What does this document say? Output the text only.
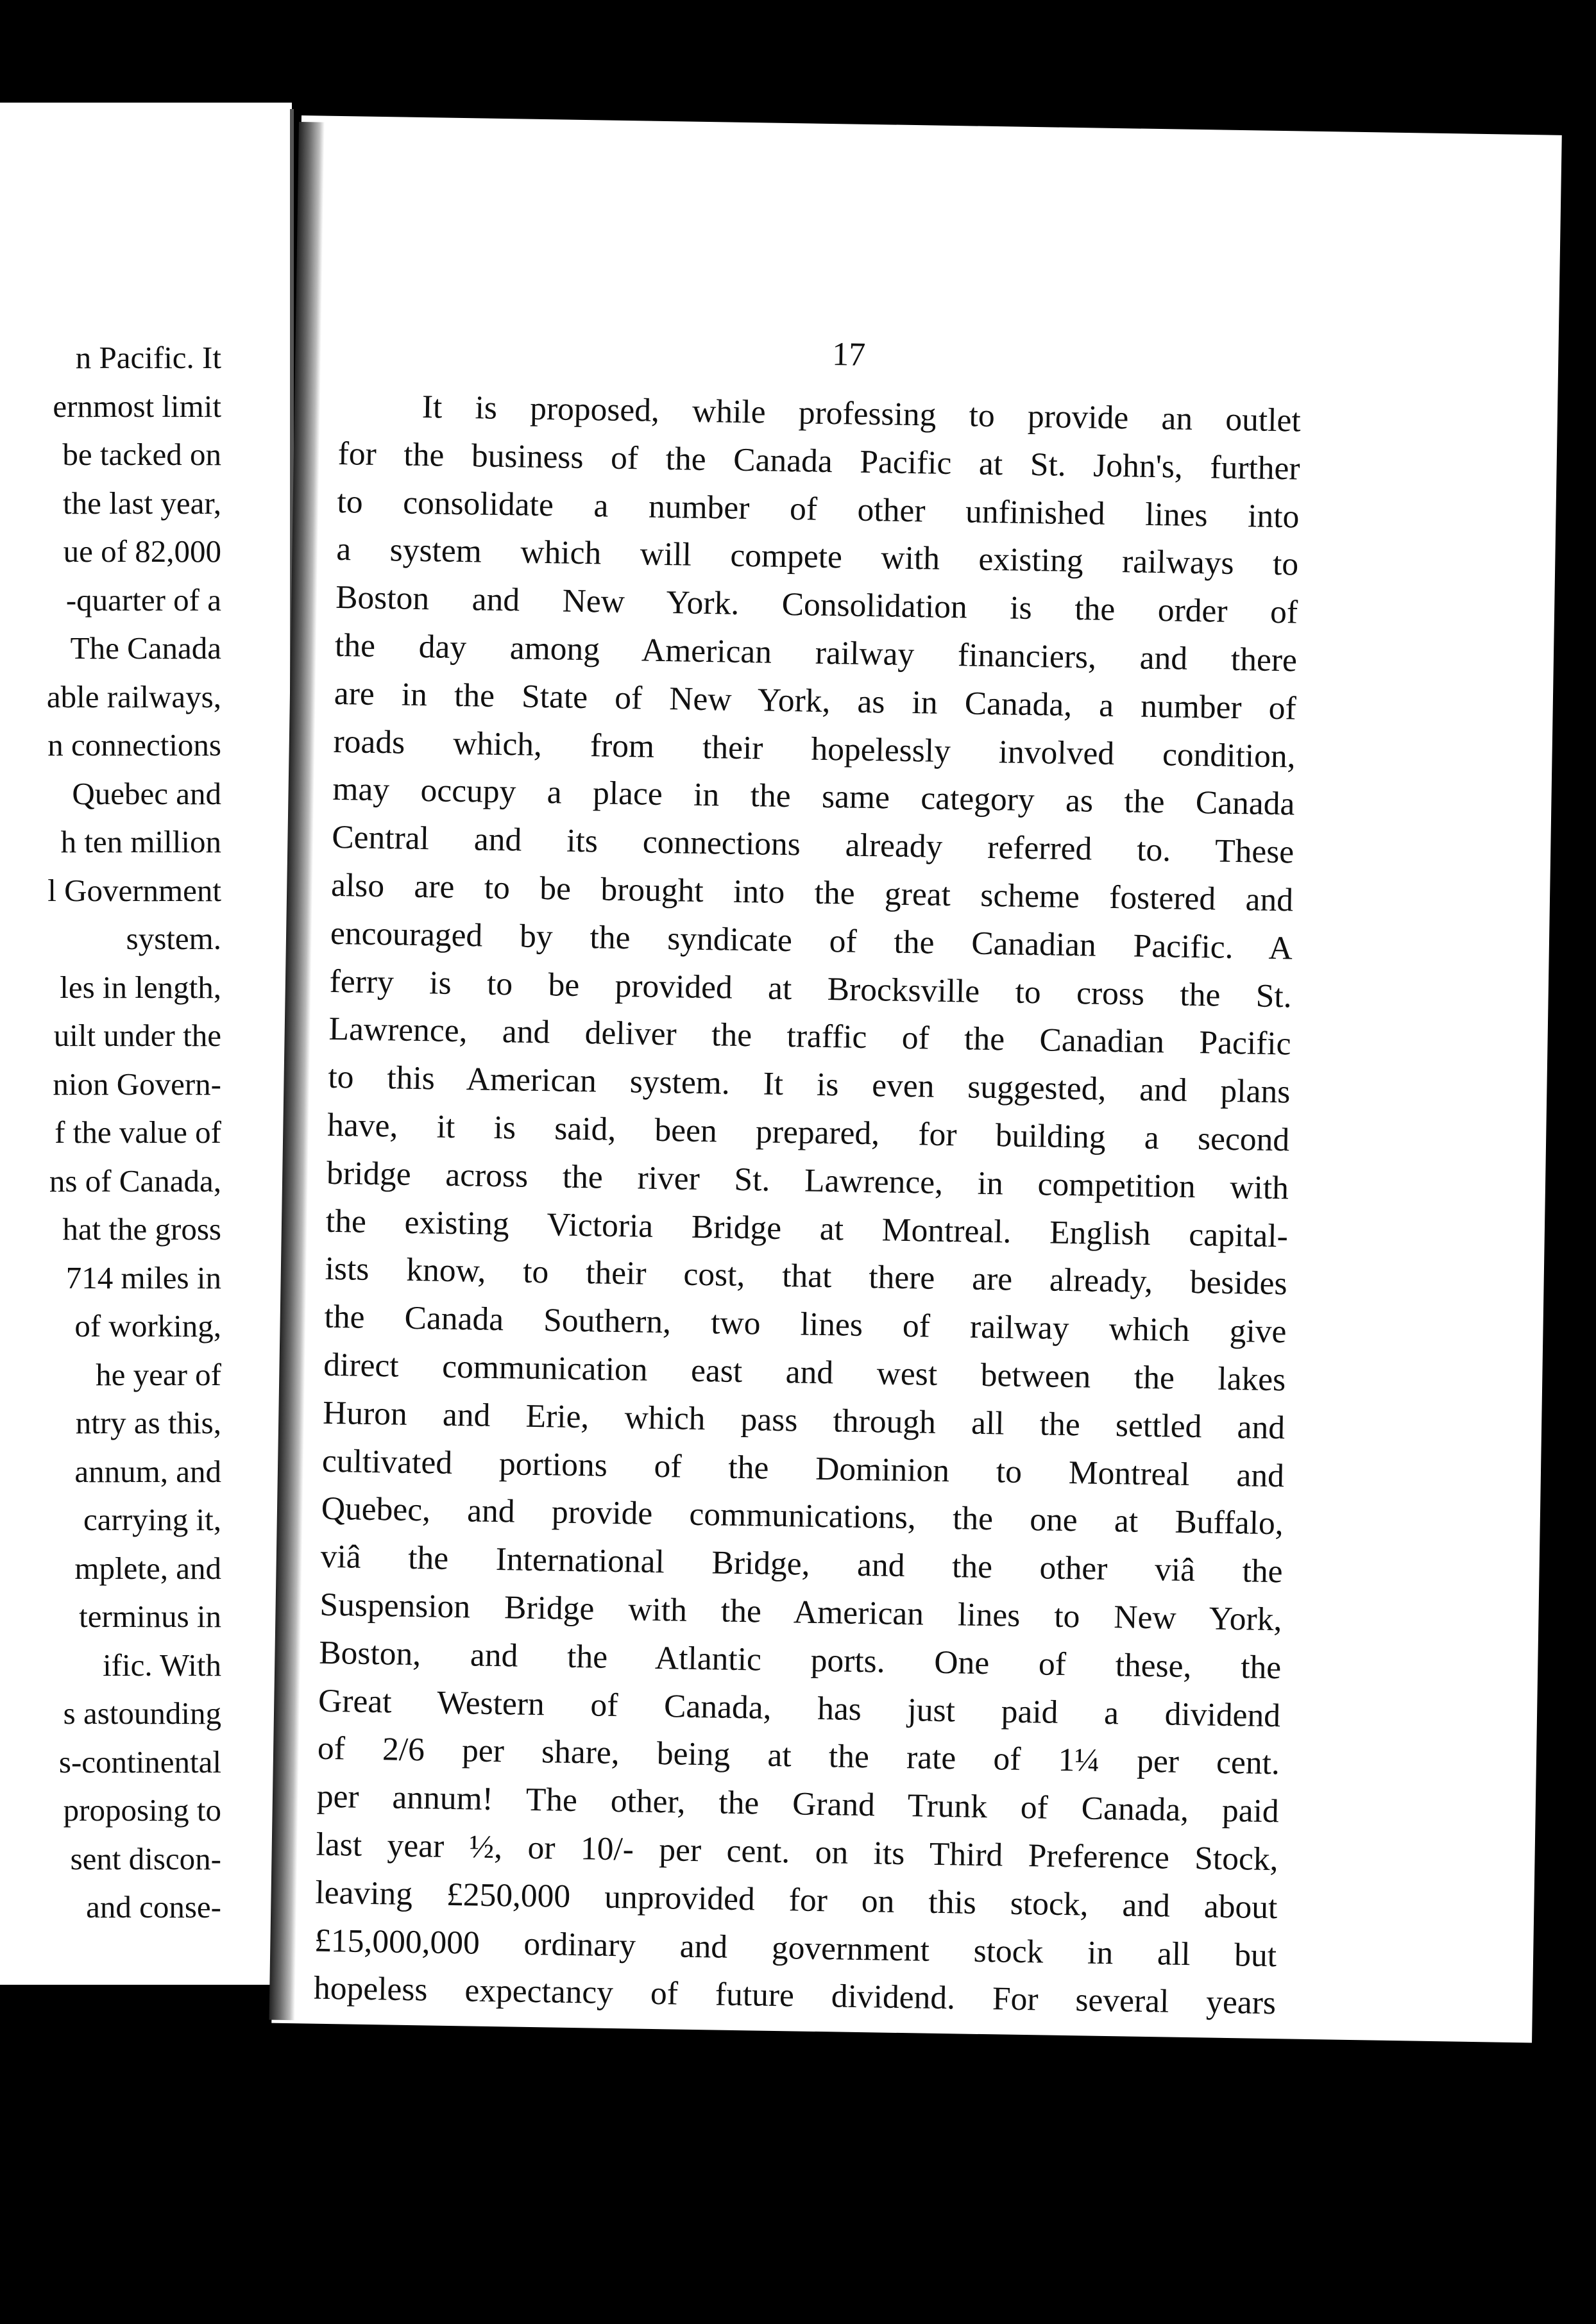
n Pacific. It
ernmost limit
be tacked on
the last year,
ue of 82,000
-quarter of a
The Canada
able railways,
n connections
Quebec and
h ten million
l Government
system.
les in length,
uilt under the
nion Govern-
f the value of
ns of Canada,
hat the gross
714 miles in
of working,
he year of
ntry as this,
annum, and
carrying it,
mplete, and
terminus in
ific. With
s astounding
s-continental
proposing to
sent discon-
and conse-
17
It is proposed, while professing to provide an outlet
for the business of the Canada Pacific at St. John's, further
to consolidate a number of other unfinished lines into
a system which will compete with existing railways to
Boston and New York. Consolidation is the order of
the day among American railway financiers, and there
are in the State of New York, as in Canada, a number of
roads which, from their hopelessly involved condition,
may occupy a place in the same category as the Canada
Central and its connections already referred to. These
also are to be brought into the great scheme fostered and
encouraged by the syndicate of the Canadian Pacific. A
ferry is to be provided at Brocksville to cross the St.
Lawrence, and deliver the traffic of the Canadian Pacific
to this American system. It is even suggested, and plans
have, it is said, been prepared, for building a second
bridge across the river St. Lawrence, in competition with
the existing Victoria Bridge at Montreal. English capital-
ists know, to their cost, that there are already, besides
the Canada Southern, two lines of railway which give
direct communication east and west between the lakes
Huron and Erie, which pass through all the settled and
cultivated portions of the Dominion to Montreal and
Quebec, and provide communications, the one at Buffalo,
viâ the International Bridge, and the other viâ the
Suspension Bridge with the American lines to New York,
Boston, and the Atlantic ports. One of these, the
Great Western of Canada, has just paid a dividend
of 2/6 per share, being at the rate of 1¼ per cent.
per annum! The other, the Grand Trunk of Canada, paid
last year ½, or 10/- per cent. on its Third Preference Stock,
leaving £250,000 unprovided for on this stock, and about
£15,000,000 ordinary and government stock in all but
hopeless expectancy of future dividend. For several years
